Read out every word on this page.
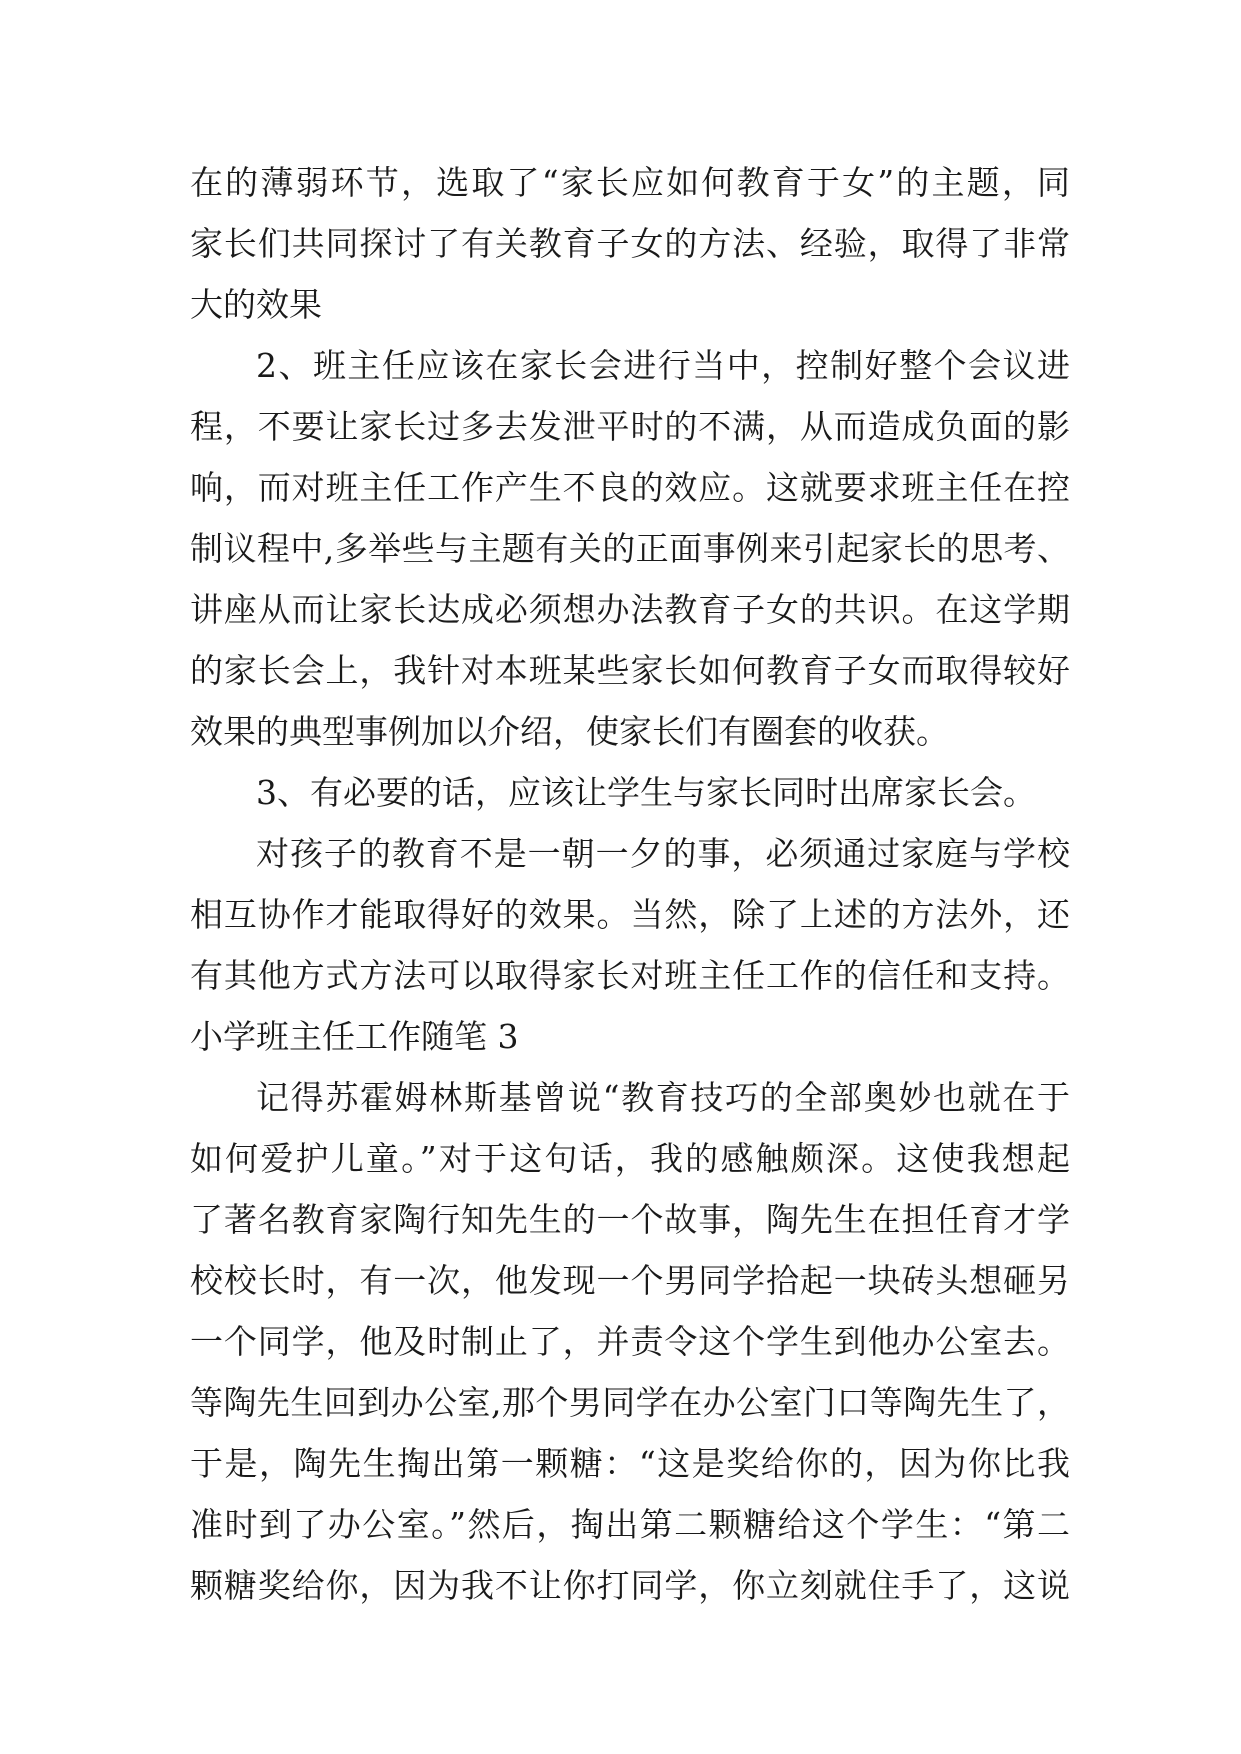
在的薄弱环节，选取了“家长应如何教育于女”的主题，同
家长们共同探讨了有关教育子女的方法、经验，取得了非常
大的效果
2、班主任应该在家长会进行当中，控制好整个会议进
程，不要让家长过多去发泄平时的不满，从而造成负面的影
响，而对班主任工作产生不良的效应。这就要求班主任在控
制议程中,多举些与主题有关的正面事例来引起家长的思考、
讲座从而让家长达成必须想办法教育子女的共识。在这学期
的家长会上，我针对本班某些家长如何教育子女而取得较好
效果的典型事例加以介绍，使家长们有圈套的收获。
3、有必要的话，应该让学生与家长同时出席家长会。
对孩子的教育不是一朝一夕的事，必须通过家庭与学校
相互协作才能取得好的效果。当然，除了上述的方法外，还
有其他方式方法可以取得家长对班主任工作的信任和支持。
小学班主任工作随笔 3
记得苏霍姆林斯基曾说“教育技巧的全部奥妙也就在于
如何爱护儿童。”对于这句话，我的感触颇深。这使我想起
了著名教育家陶行知先生的一个故事，陶先生在担任育才学
校校长时，有一次，他发现一个男同学拾起一块砖头想砸另
一个同学，他及时制止了，并责令这个学生到他办公室去。
等陶先生回到办公室,那个男同学在办公室门口等陶先生了，
于是，陶先生掏出第一颗糖：“这是奖给你的，因为你比我
准时到了办公室。”然后，掏出第二颗糖给这个学生：“第二
颗糖奖给你，因为我不让你打同学，你立刻就住手了，这说
